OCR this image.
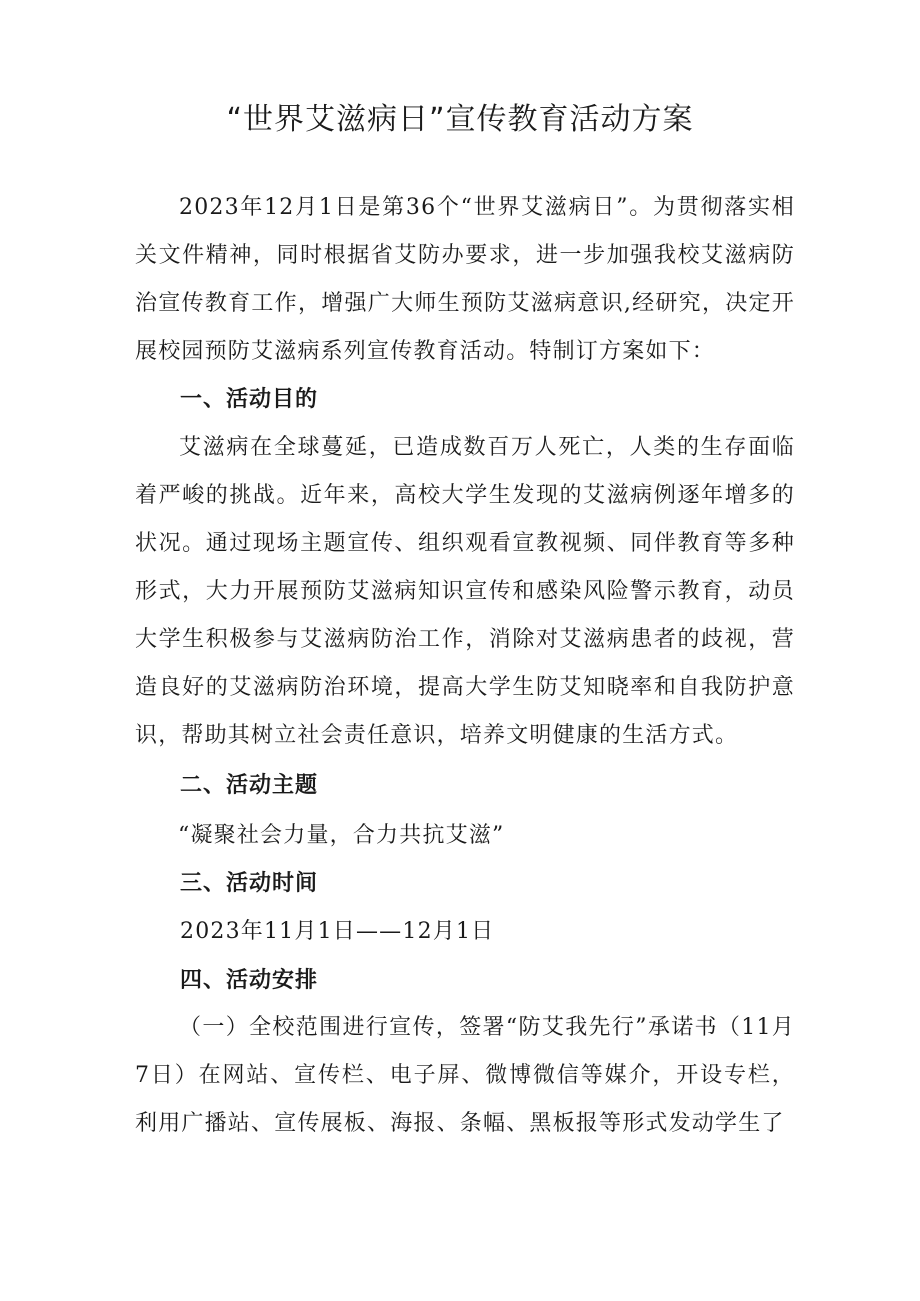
“世界艾滋病日”宣传教育活动方案

2023年12月1日是第36个“世界艾滋病日”。为贯彻落实相关文件精神，同时根据省艾防办要求，进一步加强我校艾滋病防治宣传教育工作，增强广大师生预防艾滋病意识,经研究，决定开展校园预防艾滋病系列宣传教育活动。特制订方案如下：

一、活动目的

艾滋病在全球蔓延，已造成数百万人死亡，人类的生存面临着严峻的挑战。近年来，高校大学生发现的艾滋病例逐年增多的状况。通过现场主题宣传、组织观看宣教视频、同伴教育等多种形式，大力开展预防艾滋病知识宣传和感染风险警示教育，动员大学生积极参与艾滋病防治工作，消除对艾滋病患者的歧视，营造良好的艾滋病防治环境，提高大学生防艾知晓率和自我防护意识，帮助其树立社会责任意识，培养文明健康的生活方式。

二、活动主题

“凝聚社会力量，合力共抗艾滋”

三、活动时间

2023年11月1日——12月1日

四、活动安排

（一）全校范围进行宣传，签署“防艾我先行”承诺书（11月7日）在网站、宣传栏、电子屏、微博微信等媒介，开设专栏，利用广播站、宣传展板、海报、条幅、黑板报等形式发动学生了
